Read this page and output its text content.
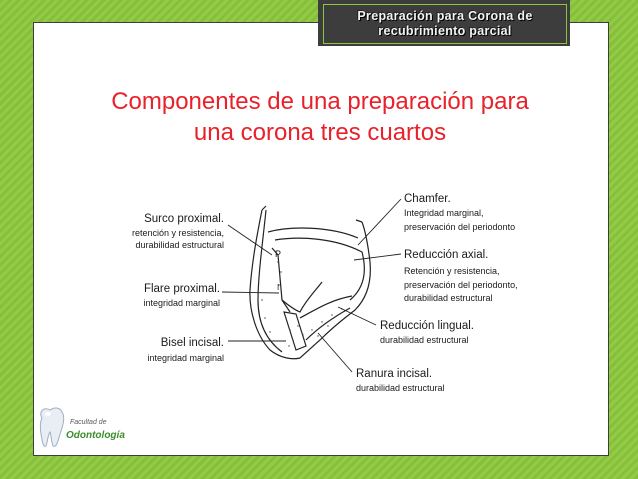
Preparación para Corona de
recubrimiento parcial
Componentes de una preparación para
una corona tres cuartos
P
I
Surco proximal.
retención y resistencia,
durabilidad estructural
Flare proximal.
integridad marginal
Bisel incisal.
integridad marginal
Chamfer.
Integridad marginal,
preservación del periodonto
Reducción axial.
Retención y resistencia,
preservación del periodonto,
durabilidad estructural
Reducción lingual.
durabilidad estructural
Ranura incisal.
durabilidad estructural
Facultad de
Odontología
